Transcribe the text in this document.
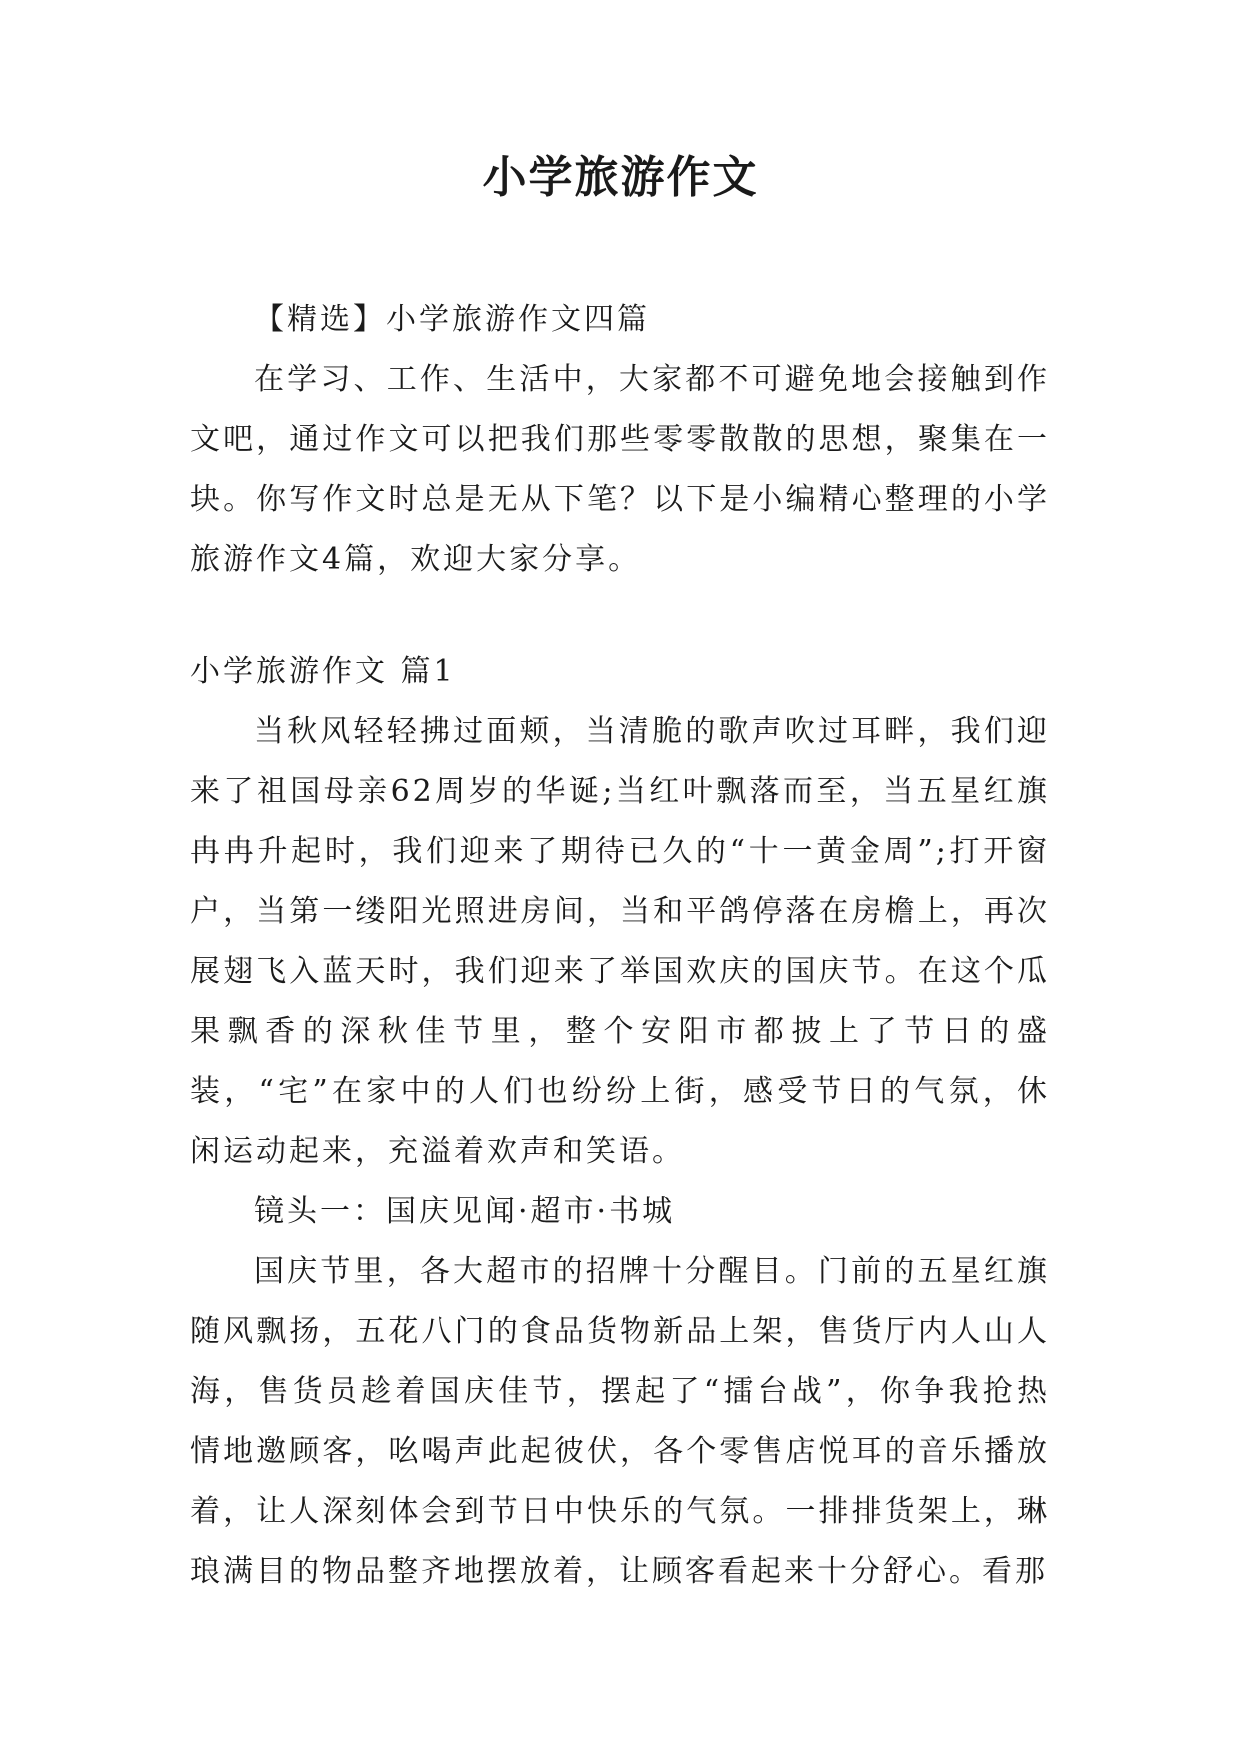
小学旅游作文

【精选】小学旅游作文四篇

在学习、工作、生活中，大家都不可避免地会接触到作文吧，通过作文可以把我们那些零零散散的思想，聚集在一块。你写作文时总是无从下笔？以下是小编精心整理的小学旅游作文4篇，欢迎大家分享。

小学旅游作文 篇1

当秋风轻轻拂过面颊，当清脆的歌声吹过耳畔，我们迎来了祖国母亲62周岁的华诞;当红叶飘落而至，当五星红旗冉冉升起时，我们迎来了期待已久的“十一黄金周”;打开窗户，当第一缕阳光照进房间，当和平鸽停落在房檐上，再次展翅飞入蓝天时，我们迎来了举国欢庆的国庆节。在这个瓜果飘香的深秋佳节里，整个安阳市都披上了节日的盛装，“宅”在家中的人们也纷纷上街，感受节日的气氛，休闲运动起来，充溢着欢声和笑语。

镜头一：国庆见闻·超市·书城

国庆节里，各大超市的招牌十分醒目。门前的五星红旗随风飘扬，五花八门的食品货物新品上架，售货厅内人山人海，售货员趁着国庆佳节，摆起了“擂台战”，你争我抢热情地邀顾客，吆喝声此起彼伏，各个零售店悦耳的音乐播放着，让人深刻体会到节日中快乐的气氛。一排排货架上，琳琅满目的物品整齐地摆放着，让顾客看起来十分舒心。看那
